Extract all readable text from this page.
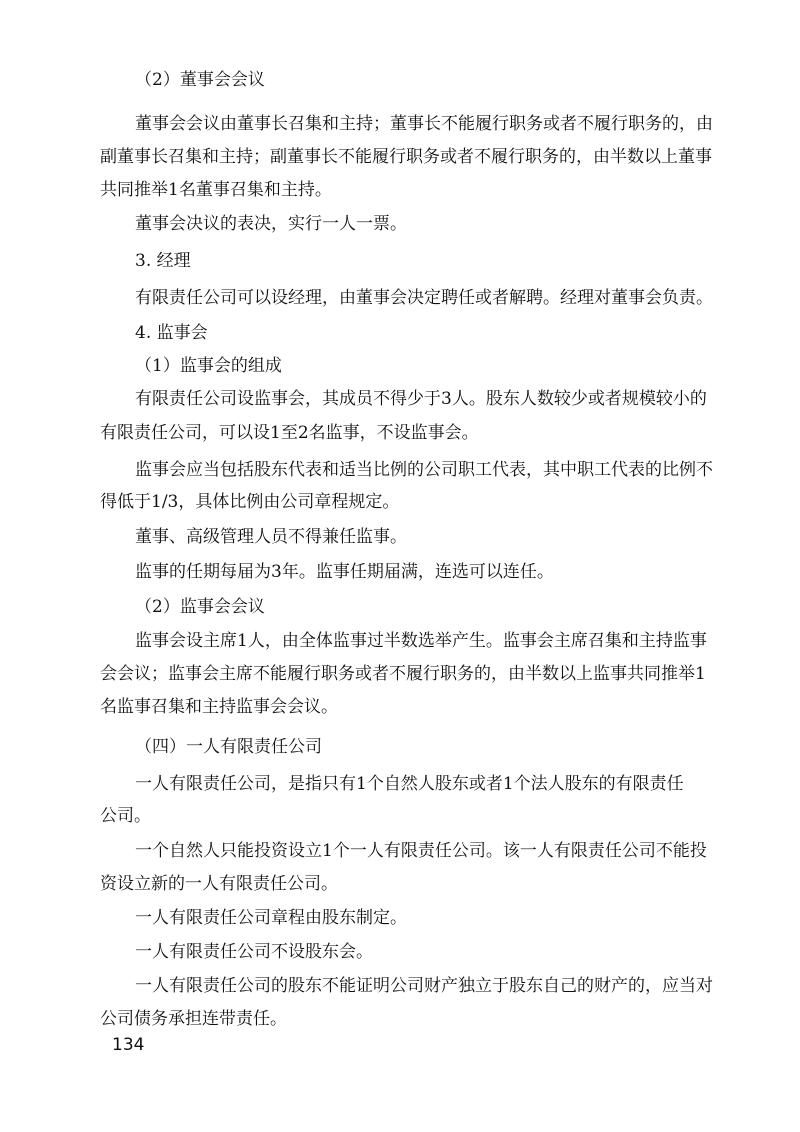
（2）董事会会议

董事会会议由董事长召集和主持；董事长不能履行职务或者不履行职务的，由

副董事长召集和主持；副董事长不能履行职务或者不履行职务的，由半数以上董事

共同推举1名董事召集和主持。

董事会决议的表决，实行一人一票。

3. 经理

有限责任公司可以设经理，由董事会决定聘任或者解聘。经理对董事会负责。

4. 监事会

（1）监事会的组成

有限责任公司设监事会，其成员不得少于3人。股东人数较少或者规模较小的

有限责任公司，可以设1至2名监事，不设监事会。

监事会应当包括股东代表和适当比例的公司职工代表，其中职工代表的比例不

得低于1/3，具体比例由公司章程规定。

董事、高级管理人员不得兼任监事。

监事的任期每届为3年。监事任期届满，连选可以连任。

（2）监事会会议

监事会设主席1人，由全体监事过半数选举产生。监事会主席召集和主持监事

会会议；监事会主席不能履行职务或者不履行职务的，由半数以上监事共同推举1

名监事召集和主持监事会会议。

（四）一人有限责任公司

一人有限责任公司，是指只有1个自然人股东或者1个法人股东的有限责任

公司。

一个自然人只能投资设立1个一人有限责任公司。该一人有限责任公司不能投

资设立新的一人有限责任公司。

一人有限责任公司章程由股东制定。

一人有限责任公司不设股东会。

一人有限责任公司的股东不能证明公司财产独立于股东自己的财产的，应当对

公司债务承担连带责任。

134
